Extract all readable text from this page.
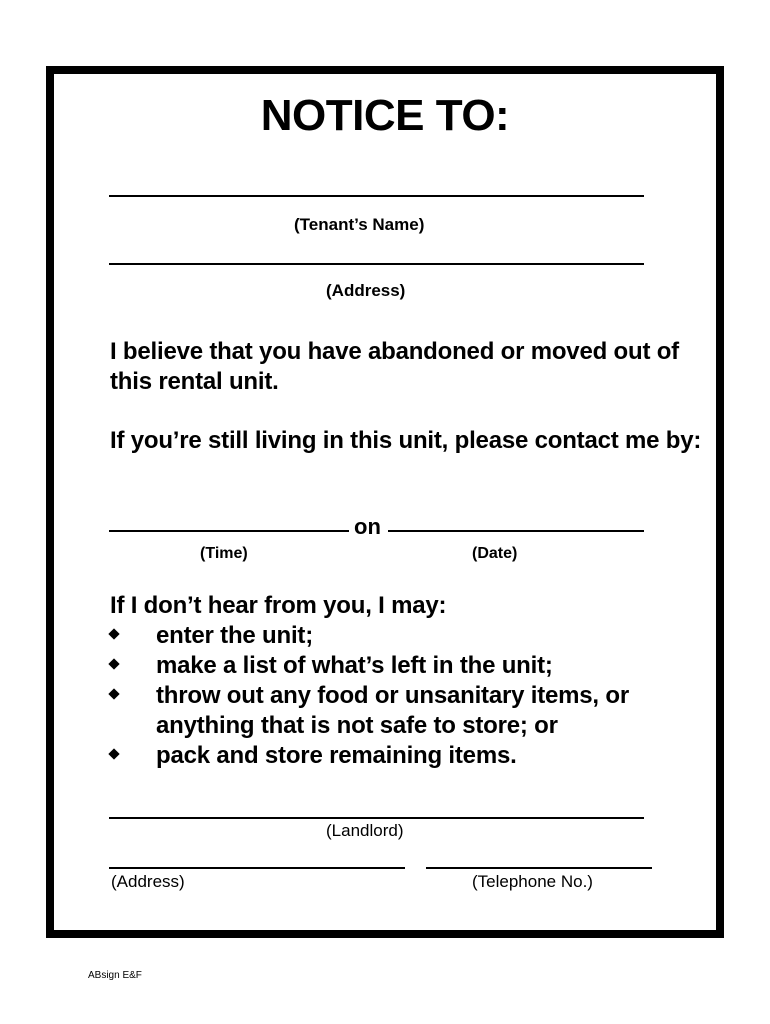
NOTICE TO:
(Tenant’s Name)
(Address)
I believe that you have abandoned or moved out of this rental unit.
If you’re still living in this unit, please contact me by:
on
(Time)	(Date)
If I don’t hear from you, I may:
enter the unit;
make a list of what’s left in the unit;
throw out any food or unsanitary items, or anything that is not safe to store; or
pack and store remaining items.
(Landlord)
(Address)	(Telephone No.)
ABsign E&F
